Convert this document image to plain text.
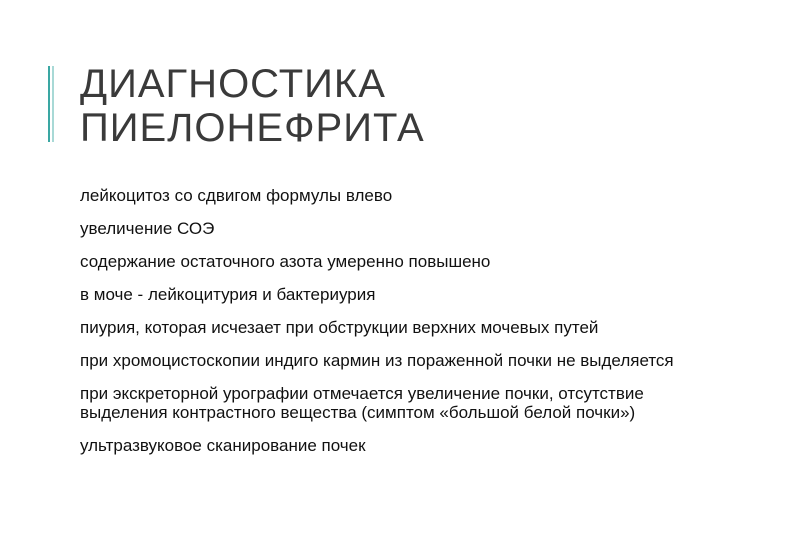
ДИАГНОСТИКА
ПИЕЛОНЕФРИТА
лейкоцитоз со сдвигом формулы влево
увеличение СОЭ
содержание остаточного азота умеренно повышено
в моче - лейкоцитурия и бактериурия
пиурия, которая исчезает при обструкции верхних мочевых путей
при хромоцистоскопии индиго кармин из пораженной почки не выделяется
при экскреторной урографии отмечается увеличение почки, отсутствие выделения контрастного вещества (симптом «большой белой почки»)
ультразвуковое сканирование почек
